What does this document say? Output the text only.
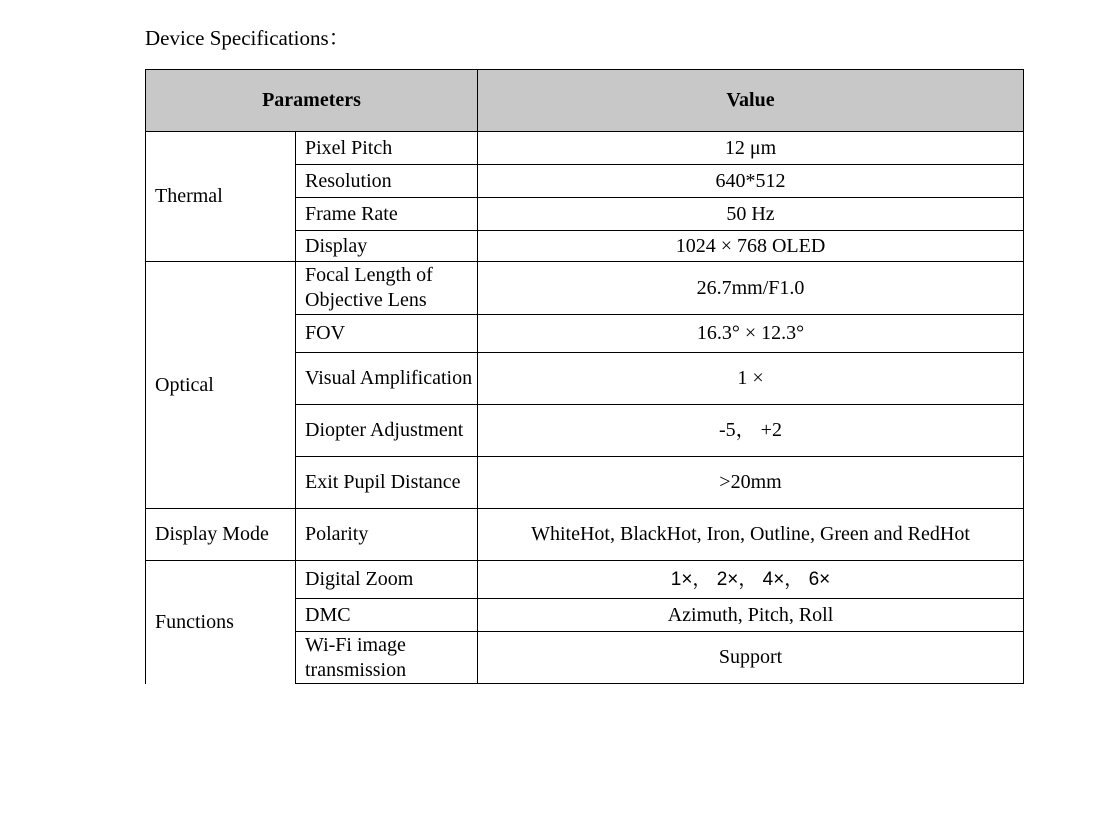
Device Specifications：
Parameters		Value
Thermal	Pixel Pitch	12 μm
	Resolution	640*512
	Frame Rate	50 Hz
	Display	1024 × 768 OLED
Optical	Focal Length of Objective Lens	26.7mm/F1.0
	FOV	16.3° × 12.3°
	Visual Amplification	1 ×
	Diopter Adjustment	-5， +2
	Exit Pupil Distance	>20mm
Display Mode	Polarity	WhiteHot, BlackHot, Iron, Outline, Green and RedHot
Functions	Digital Zoom	1×， 2×， 4×， 6×
	DMC	Azimuth, Pitch, Roll
	Wi-Fi image transmission	Support
